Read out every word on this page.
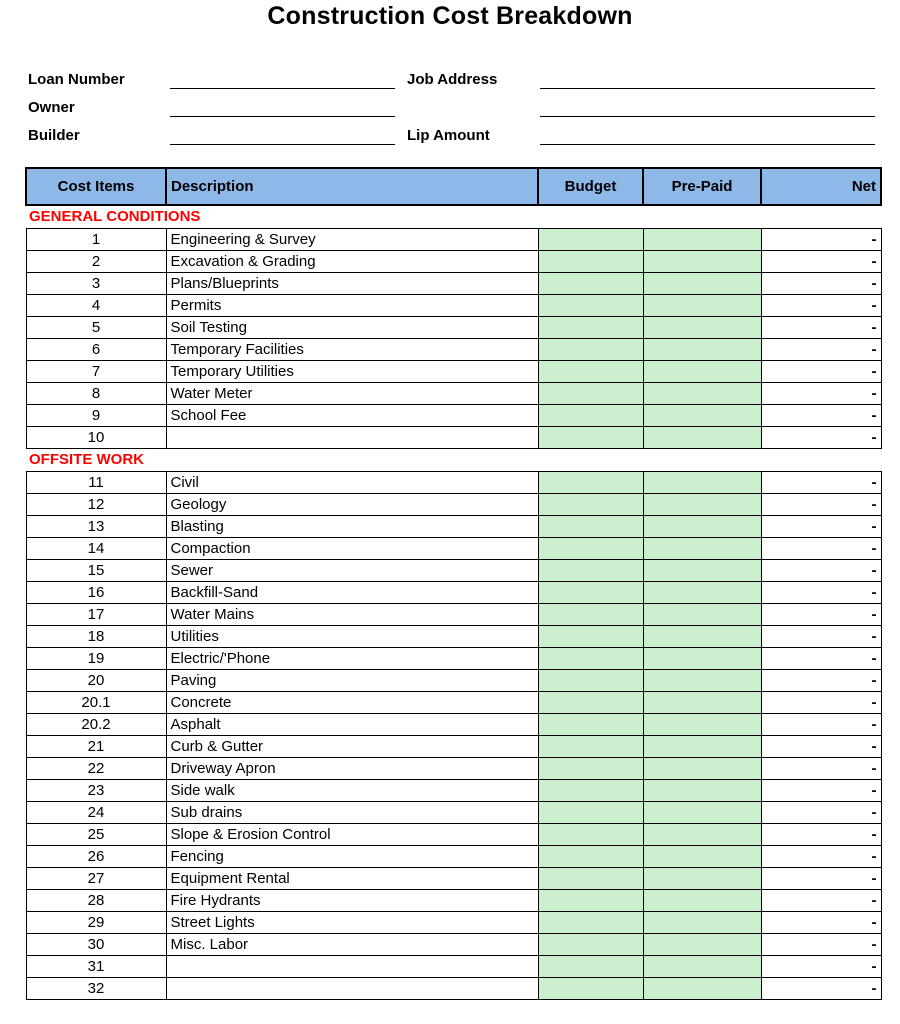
Construction Cost Breakdown
Loan Number	Job Address
Owner
Builder	Lip Amount
Cost Items	Description	Budget	Pre-Paid	Net
GENERAL CONDITIONS				
1	Engineering & Survey			-
2	Excavation & Grading			-
3	Plans/Blueprints			-
4	Permits			-
5	Soil Testing			-
6	Temporary Facilities			-
7	Temporary Utilities			-
8	Water Meter			-
9	School Fee			-
10				-
OFFSITE WORK				
11	Civil			-
12	Geology			-
13	Blasting			-
14	Compaction			-
15	Sewer			-
16	Backfill-Sand			-
17	Water Mains			-
18	Utilities			-
19	Electric/'Phone			-
20	Paving			-
20.1	Concrete			-
20.2	Asphalt			-
21	Curb & Gutter			-
22	Driveway Apron			-
23	Side walk			-
24	Sub drains			-
25	Slope & Erosion Control			-
26	Fencing			-
27	Equipment Rental			-
28	Fire Hydrants			-
29	Street Lights			-
30	Misc. Labor			-
31				-
32				-
